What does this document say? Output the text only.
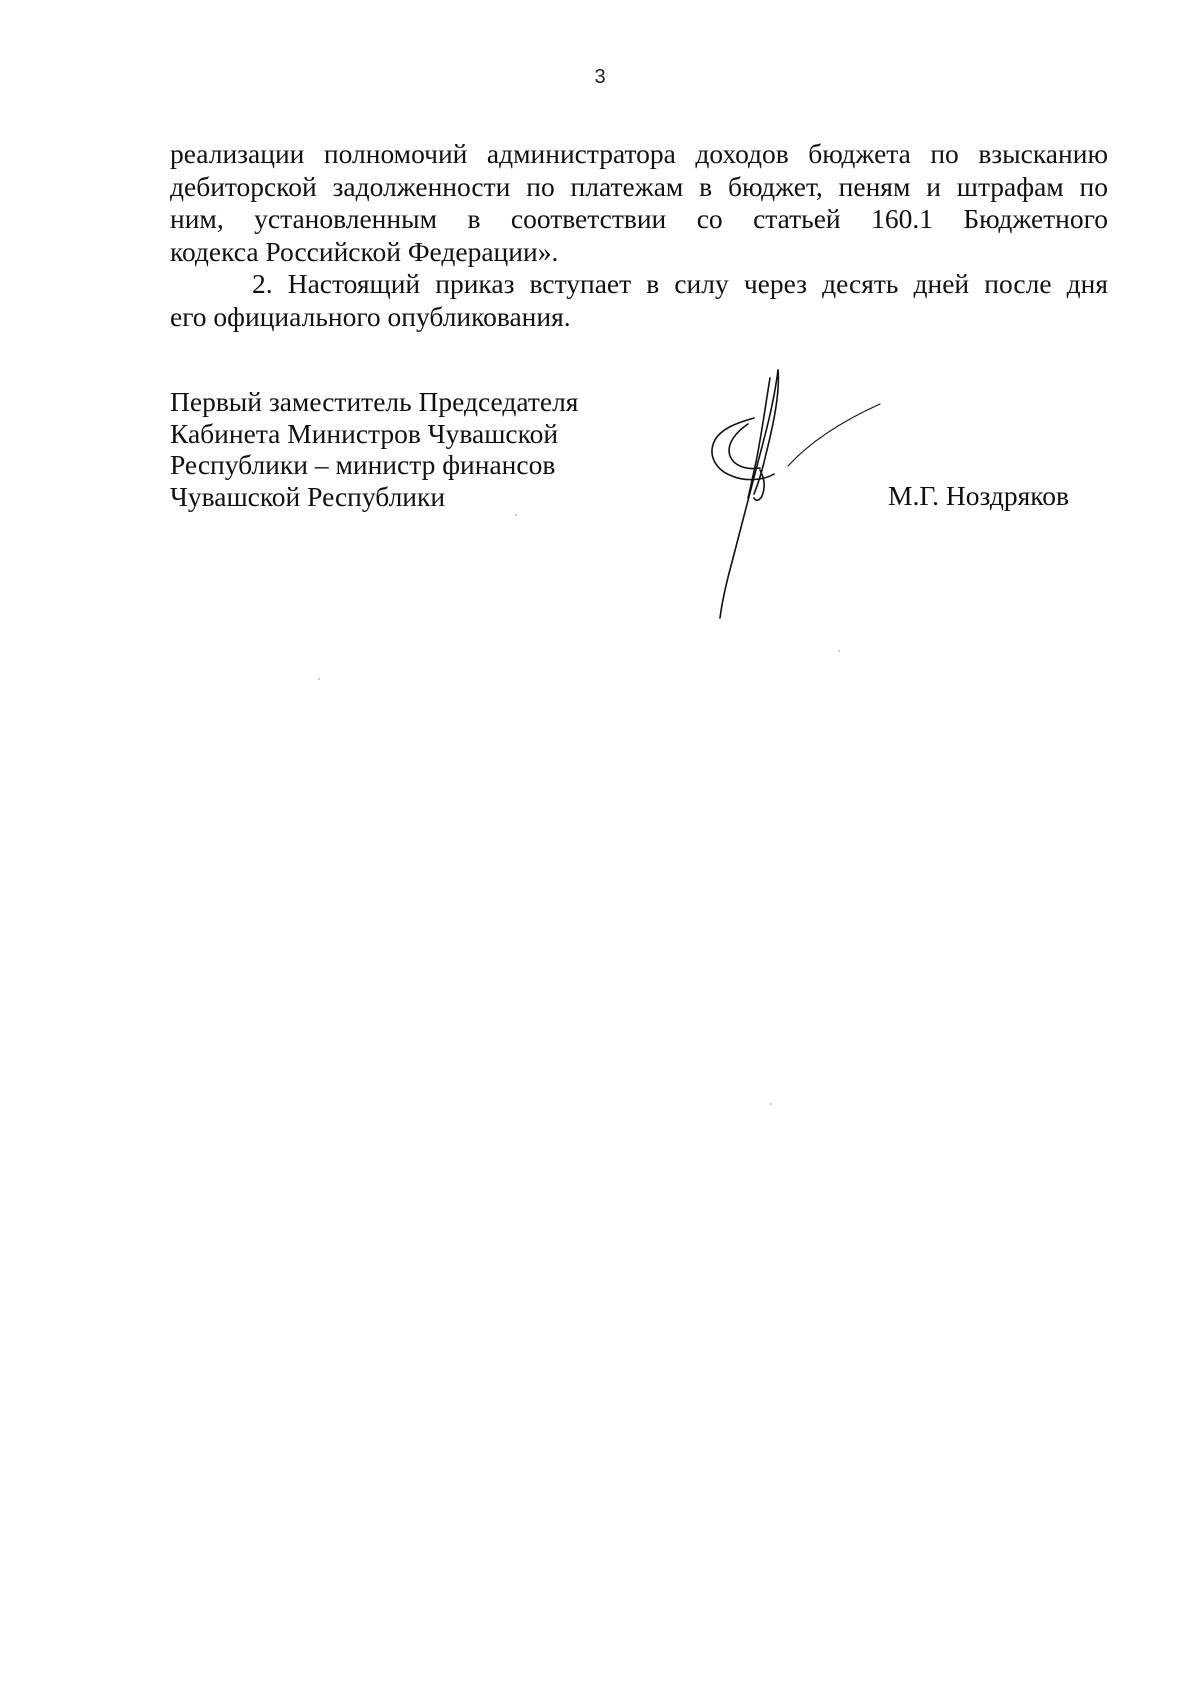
3
реализации полномочий администратора доходов бюджета по взысканию
дебиторской задолженности по платежам в бюджет, пеням и штрафам по
ним, установленным в соответствии со статьей 160.1 Бюджетного
кодекса Российской Федерации».
2. Настоящий приказ вступает в силу через десять дней после дня
его официального опубликования.
Первый заместитель Председателя
Кабинета Министров Чувашской
Республики – министр финансов
Чувашской Республики	М.Г. Ноздряков
